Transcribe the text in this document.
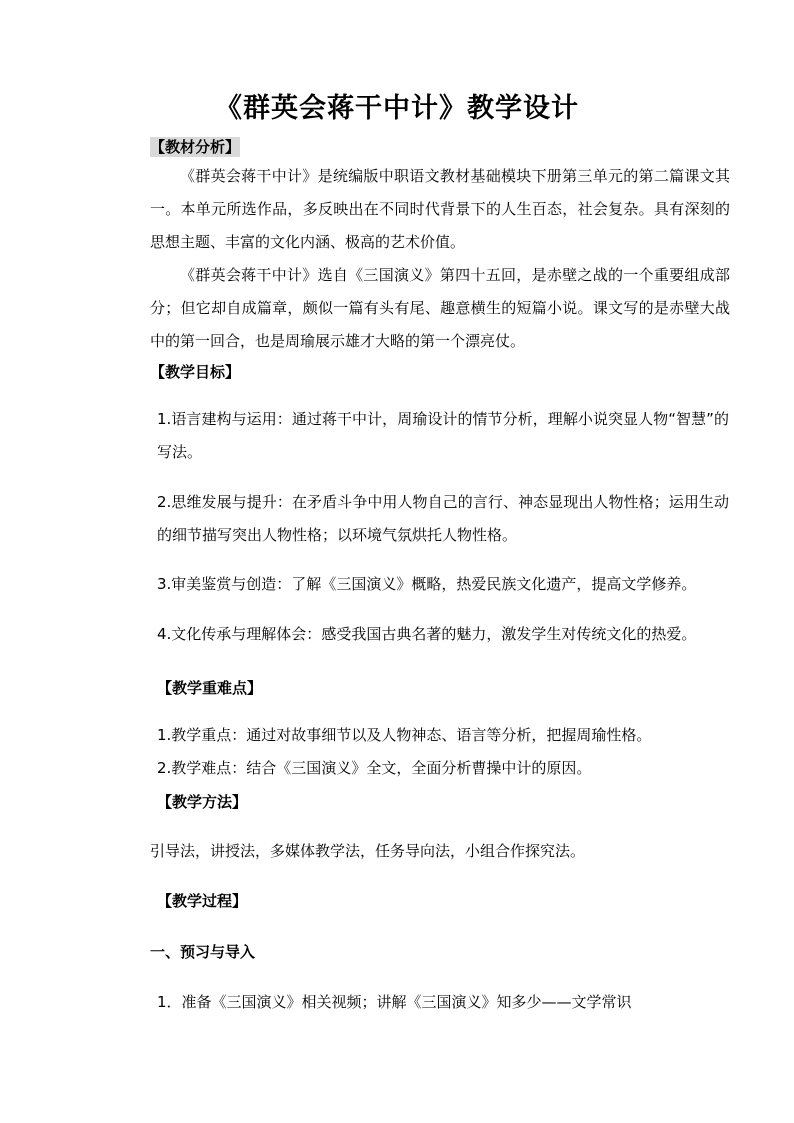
《群英会蒋干中计》教学设计
【教材分析】
《群英会蒋干中计》是统编版中职语文教材基础模块下册第三单元的第二篇课文其一。本单元所选作品，多反映出在不同时代背景下的人生百态，社会复杂。具有深刻的思想主题、丰富的文化内涵、极高的艺术价值。
《群英会蒋干中计》选自《三国演义》第四十五回，是赤壁之战的一个重要组成部分；但它却自成篇章，颇似一篇有头有尾、趣意横生的短篇小说。课文写的是赤壁大战中的第一回合，也是周瑜展示雄才大略的第一个漂亮仗。
【教学目标】
1.语言建构与运用：通过蒋干中计，周瑜设计的情节分析，理解小说突显人物“智慧”的写法。
2.思维发展与提升：在矛盾斗争中用人物自己的言行、神态显现出人物性格；运用生动的细节描写突出人物性格；以环境气氛烘托人物性格。
3.审美鉴赏与创造：了解《三国演义》概略，热爱民族文化遗产，提高文学修养。
4.文化传承与理解体会：感受我国古典名著的魅力，激发学生对传统文化的热爱。
【教学重难点】
1.教学重点：通过对故事细节以及人物神态、语言等分析，把握周瑜性格。
2.教学难点：结合《三国演义》全文，全面分析曹操中计的原因。
【教学方法】
引导法，讲授法，多媒体教学法，任务导向法，小组合作探究法。
【教学过程】
一、预习与导入
1．准备《三国演义》相关视频；讲解《三国演义》知多少——文学常识
